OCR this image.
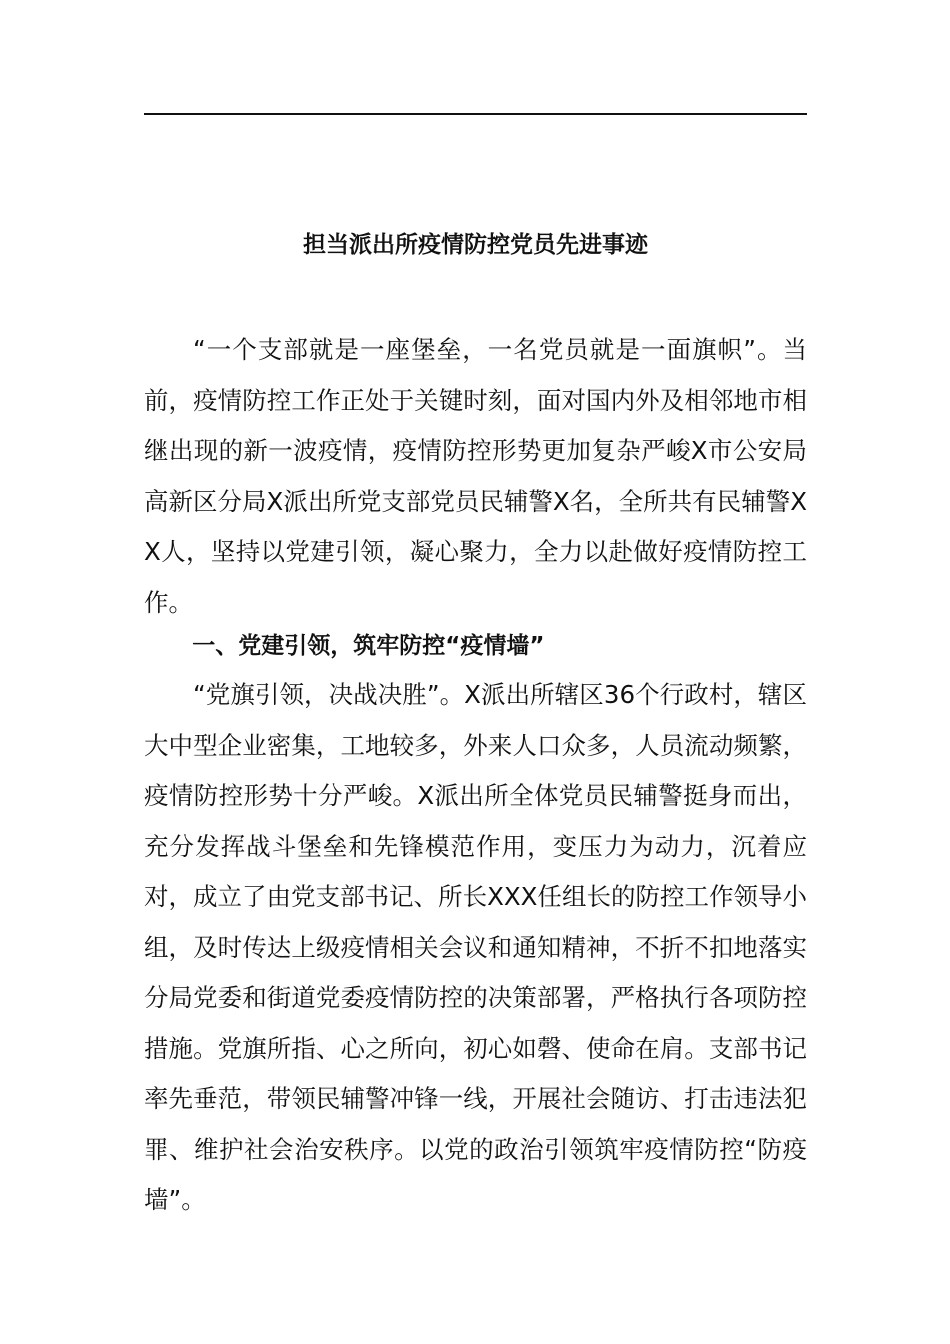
担当派出所疫情防控党员先进事迹

“一个支部就是一座堡垒，一名党员就是一面旗帜”。当前，疫情防控工作正处于关键时刻，面对国内外及相邻地市相继出现的新一波疫情，疫情防控形势更加复杂严峻X市公安局高新区分局X派出所党支部党员民辅警X名，全所共有民辅警XX人，坚持以党建引领，凝心聚力，全力以赴做好疫情防控工作。

一、党建引领，筑牢防控“疫情墙”

“党旗引领，决战决胜”。X派出所辖区36个行政村，辖区大中型企业密集，工地较多，外来人口众多，人员流动频繁，疫情防控形势十分严峻。X派出所全体党员民辅警挺身而出，充分发挥战斗堡垒和先锋模范作用，变压力为动力，沉着应对，成立了由党支部书记、所长XXX任组长的防控工作领导小组，及时传达上级疫情相关会议和通知精神，不折不扣地落实分局党委和街道党委疫情防控的决策部署，严格执行各项防控措施。党旗所指、心之所向，初心如磬、使命在肩。支部书记率先垂范，带领民辅警冲锋一线，开展社会随访、打击违法犯罪、维护社会治安秩序。以党的政治引领筑牢疫情防控“防疫墙”。
